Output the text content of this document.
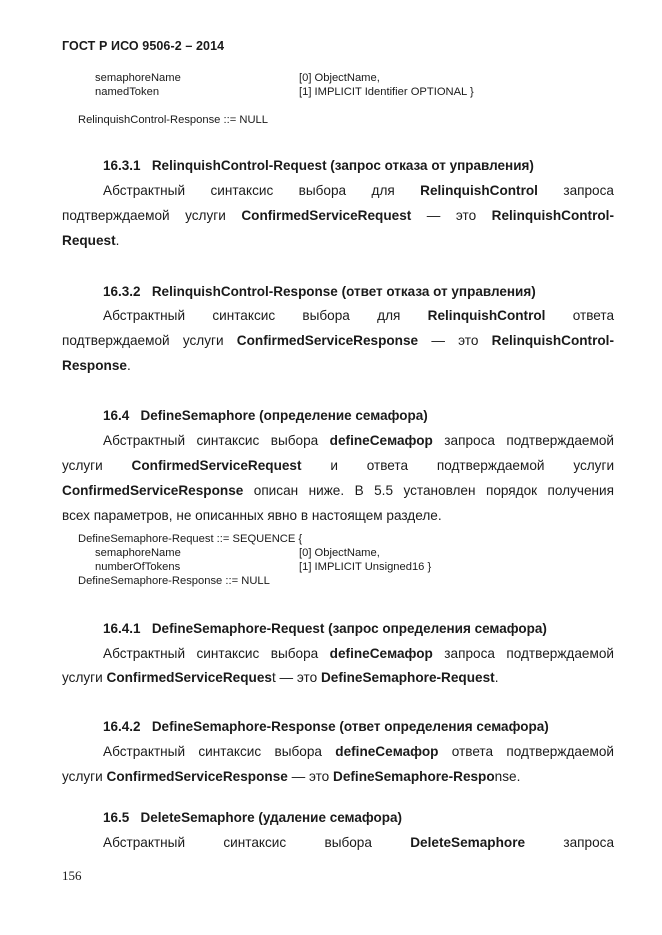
ГОСТ Р ИСО 9506-2 – 2014
semaphoreName	[0] ObjectName,
namedToken	[1] IMPLICIT Identifier OPTIONAL }
RelinquishControl-Response ::= NULL
16.3.1 RelinquishControl-Request (запрос отказа от управления)
Абстрактный синтаксис выбора для RelinquishControl запроса
подтверждаемой услуги ConfirmedServiceRequest — это RelinquishControl-
Request.
16.3.2 RelinquishControl-Response (ответ отказа от управления)
Абстрактный синтаксис выбора для RelinquishControl ответа
подтверждаемой услуги ConfirmedServiceResponse — это RelinquishControl-
Response.
16.4 DefineSemaphore (определение семафора)
Абстрактный синтаксис выбора defineCeмафор запроса подтверждаемой
услуги ConfirmedServiceRequest и ответа подтверждаемой услуги
ConfirmedServiceResponse описан ниже. В 5.5 установлен порядок получения
всех параметров, не описанных явно в настоящем разделе.
DefineSemaphore-Request ::= SEQUENCE {
semaphoreName	[0] ObjectName,
numberOfTokens	[1] IMPLICIT Unsigned16 }
DefineSemaphore-Response ::= NULL
16.4.1 DefineSemaphore-Request (запрос определения семафора)
Абстрактный синтаксис выбора defineCeмафор запроса подтверждаемой
услуги ConfirmedServiceRequest — это DefineSemaphore-Request.
16.4.2 DefineSemaphore-Response (ответ определения семафора)
Абстрактный синтаксис выбора defineCeмафор ответа подтверждаемой
услуги ConfirmedServiceResponse — это DefineSemaphore-Response.
16.5 DeleteSemaphore (удаление семафора)
Абстрактный	синтаксис	выбора	DeleteSemaphore	запроса
156
